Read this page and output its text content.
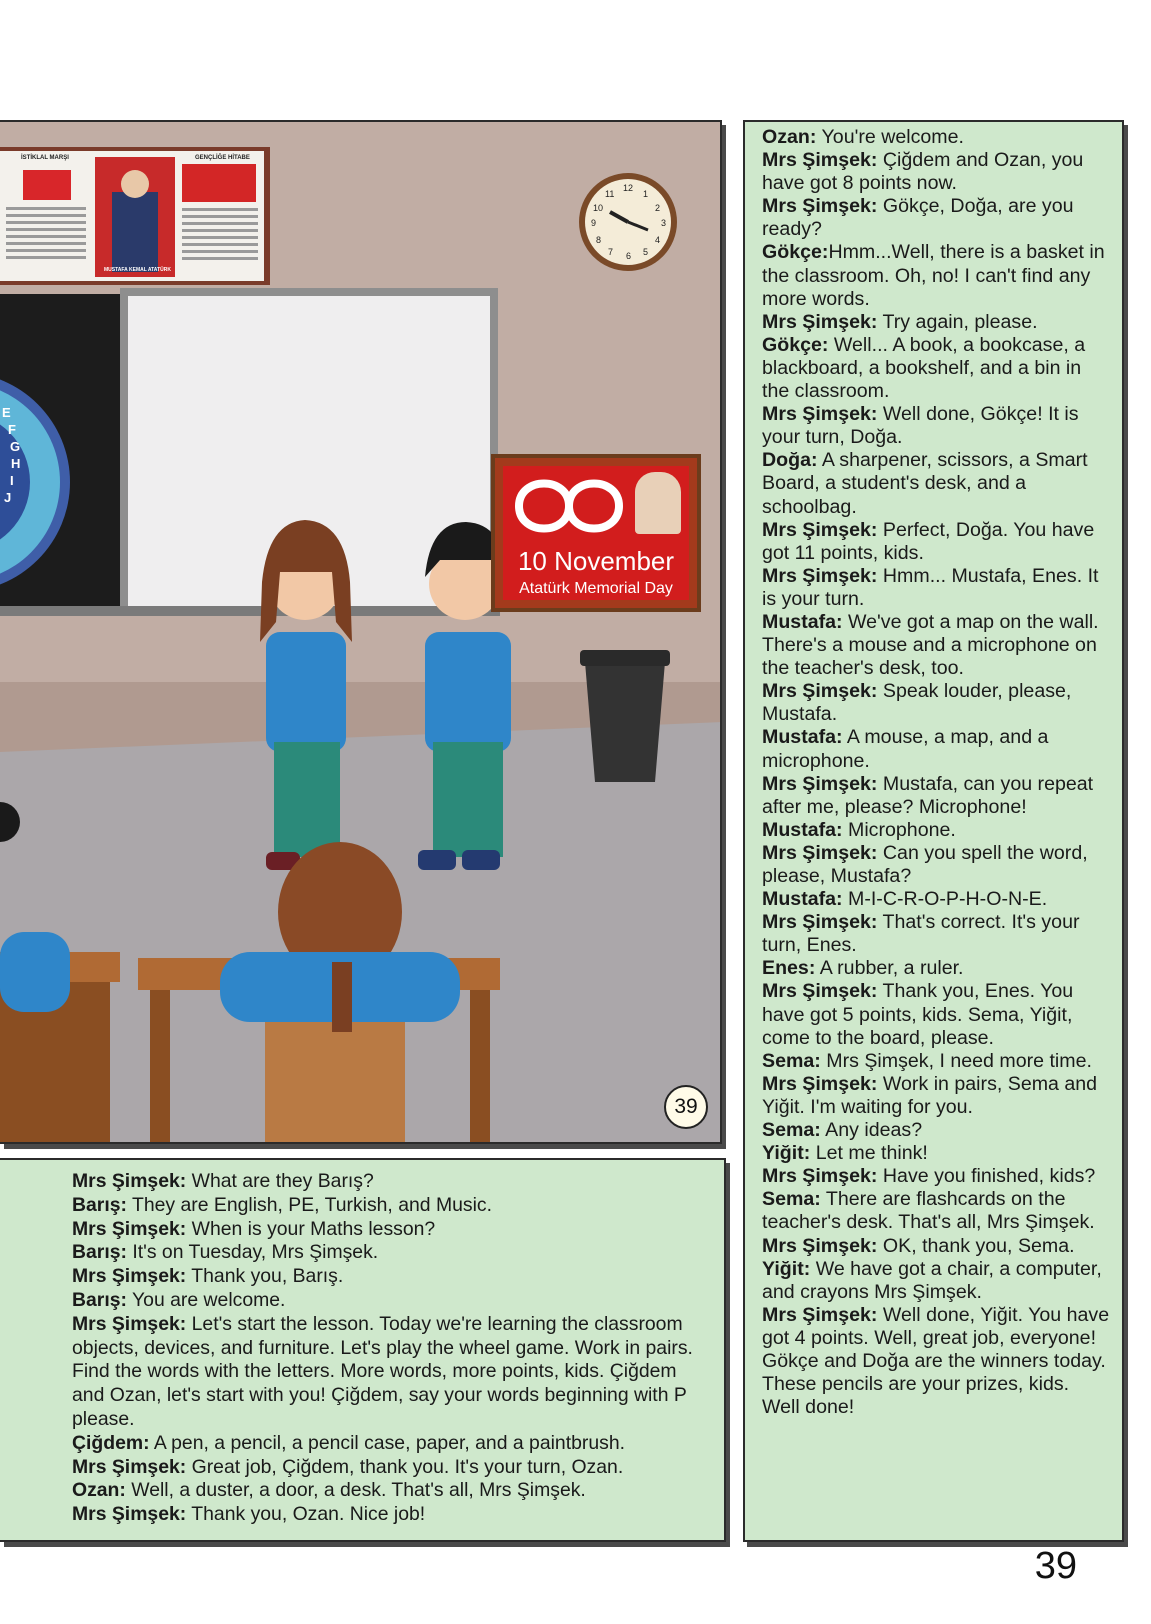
10 November
Atatürk Memorial Day
İSTİKLAL MARŞI	GENÇLİĞE HİTABE
MUSTAFA KEMAL ATATÜRK
E
F
G
H
I
J
12
1
2
3
4
5
6
7
8
9
10
11
39

Ozan: You're welcome.

Mrs Şimşek: Çiğdem and Ozan, you have got 8 points now.

Mrs Şimşek: Gökçe, Doğa, are you ready?

Gökçe:Hmm...Well, there is a basket in the classroom. Oh, no! I can't find any more words.

Mrs Şimşek: Try again, please.

Gökçe: Well... A book, a bookcase, a blackboard, a bookshelf, and a bin in the classroom.

Mrs Şimşek: Well done, Gökçe! It is your turn, Doğa.

Doğa: A sharpener, scissors, a Smart Board, a student's desk, and a schoolbag.

Mrs Şimşek: Perfect, Doğa. You have got 11 points, kids.

Mrs Şimşek: Hmm... Mustafa, Enes. It is your turn.

Mustafa: We've got a map on the wall. There's a mouse and a microphone on the teacher's desk, too.

Mrs Şimşek: Speak louder, please, Mustafa.

Mustafa: A mouse, a map, and a microphone.

Mrs Şimşek: Mustafa, can you repeat after me, please? Microphone!

Mustafa: Microphone.

Mrs Şimşek: Can you spell the word, please, Mustafa?

Mustafa: M-I-C-R-O-P-H-O-N-E.

Mrs Şimşek: That's correct. It's your turn, Enes.

Enes: A rubber, a ruler.

Mrs Şimşek: Thank you, Enes. You have got 5 points, kids. Sema, Yiğit, come to the board, please.

Sema: Mrs Şimşek, I need more time.

Mrs Şimşek: Work in pairs, Sema and Yiğit. I'm waiting for you.

Sema: Any ideas?

Yiğit: Let me think!

Mrs Şimşek: Have you finished, kids?

Sema: There are flashcards on the teacher's desk. That's all, Mrs Şimşek.

Mrs Şimşek: OK, thank you, Sema.

Yiğit: We have got a chair, a computer, and crayons Mrs Şimşek.

Mrs Şimşek: Well done, Yiğit. You have got 4 points. Well, great job, everyone! Gökçe and Doğa are the winners today. These pencils are your prizes, kids. Well done!

Mrs Şimşek: What are they Barış?

Barış: They are English, PE, Turkish, and Music.

Mrs Şimşek: When is your Maths lesson?

Barış: It's on Tuesday, Mrs Şimşek.

Mrs Şimşek: Thank you, Barış.

Barış: You are welcome.

Mrs Şimşek: Let's start the lesson. Today we're learning the classroom objects, devices, and furniture. Let's play the wheel game. Work in pairs. Find the words with the letters. More words, more points, kids. Çiğdem and Ozan, let's start with you! Çiğdem, say your words beginning with P please.

Çiğdem: A pen, a pencil, a pencil case, paper, and a paintbrush.

Mrs Şimşek: Great job, Çiğdem, thank you. It's your turn, Ozan.

Ozan: Well, a duster, a door, a desk. That's all, Mrs Şimşek.

Mrs Şimşek: Thank you, Ozan. Nice job!

39
